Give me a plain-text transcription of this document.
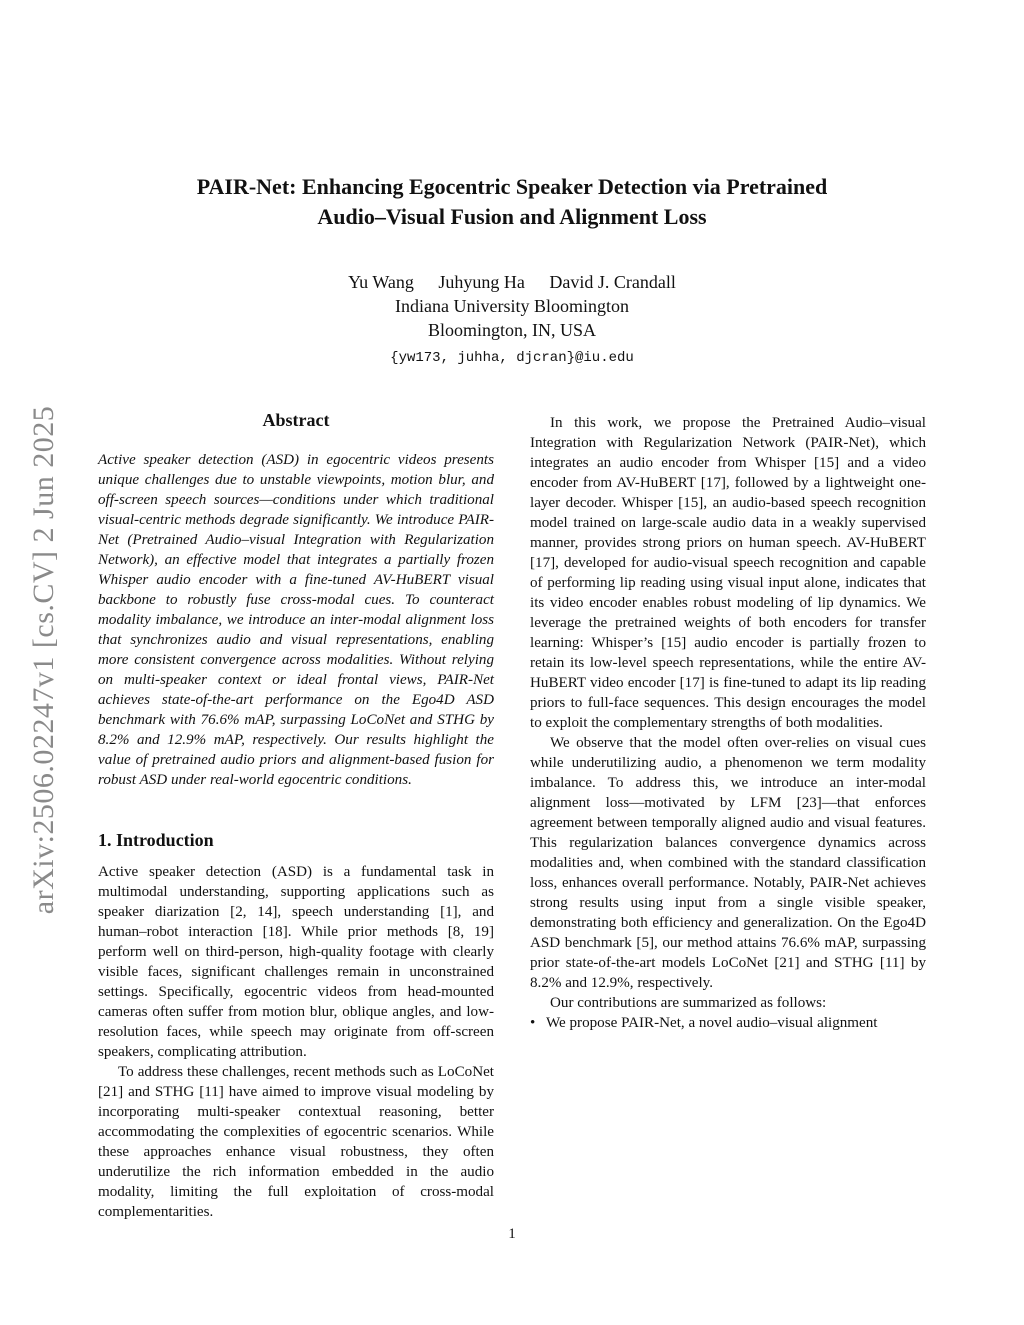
arXiv:2506.02247v1 [cs.CV] 2 Jun 2025
PAIR-Net: Enhancing Egocentric Speaker Detection via Pretrained
Audio–Visual Fusion and Alignment Loss
Yu Wang Juhyung Ha David J. Crandall
Indiana University Bloomington
Bloomington, IN, USA
{yw173, juhha, djcran}@iu.edu
Abstract

Active speaker detection (ASD) in egocentric videos presents unique challenges due to unstable viewpoints, motion blur, and off-screen speech sources—conditions under which traditional visual-centric methods degrade significantly. We introduce PAIR-Net (Pretrained Audio–visual Integration with Regularization Network), an effective model that integrates a partially frozen Whisper audio encoder with a fine-tuned AV-HuBERT visual backbone to robustly fuse cross-modal cues. To counteract modality imbalance, we introduce an inter-modal alignment loss that synchronizes audio and visual representations, enabling more consistent convergence across modalities. Without relying on multi-speaker context or ideal frontal views, PAIR-Net achieves state-of-the-art performance on the Ego4D ASD benchmark with 76.6% mAP, surpassing LoCoNet and STHG by 8.2% and 12.9% mAP, respectively. Our results highlight the value of pretrained audio priors and alignment-based fusion for robust ASD under real-world egocentric conditions.

1. Introduction

Active speaker detection (ASD) is a fundamental task in multimodal understanding, supporting applications such as speaker diarization [2, 14], speech understanding [1], and human–robot interaction [18]. While prior methods [8, 19] perform well on third-person, high-quality footage with clearly visible faces, significant challenges remain in unconstrained settings. Specifically, egocentric videos from head-mounted cameras often suffer from motion blur, oblique angles, and low-resolution faces, while speech may originate from off-screen speakers, complicating attribution.

To address these challenges, recent methods such as LoCoNet [21] and STHG [11] have aimed to improve visual modeling by incorporating multi-speaker contextual reasoning, better accommodating the complexities of egocentric scenarios. While these approaches enhance visual robustness, they often underutilize the rich information embedded in the audio modality, limiting the full exploitation of cross-modal complementarities.

In this work, we propose the Pretrained Audio–visual Integration with Regularization Network (PAIR-Net), which integrates an audio encoder from Whisper [15] and a video encoder from AV-HuBERT [17], followed by a lightweight one-layer decoder. Whisper [15], an audio-based speech recognition model trained on large-scale audio data in a weakly supervised manner, provides strong priors on human speech. AV-HuBERT [17], developed for audio-visual speech recognition and capable of performing lip reading using visual input alone, indicates that its video encoder enables robust modeling of lip dynamics. We leverage the pretrained weights of both encoders for transfer learning: Whisper’s [15] audio encoder is partially frozen to retain its low-level speech representations, while the entire AV-HuBERT video encoder [17] is fine-tuned to adapt its lip reading priors to full-face sequences. This design encourages the model to exploit the complementary strengths of both modalities.

We observe that the model often over-relies on visual cues while underutilizing audio, a phenomenon we term modality imbalance. To address this, we introduce an inter-modal alignment loss—motivated by LFM [23]—that enforces agreement between temporally aligned audio and visual features. This regularization balances convergence dynamics across modalities and, when combined with the standard classification loss, enhances overall performance. Notably, PAIR-Net achieves strong results using input from a single visible speaker, demonstrating both efficiency and generalization. On the Ego4D ASD benchmark [5], our method attains 76.6% mAP, surpassing prior state-of-the-art models LoCoNet [21] and STHG [11] by 8.2% and 12.9%, respectively.

Our contributions are summarized as follows:

• We propose PAIR-Net, a novel audio–visual alignment
1
